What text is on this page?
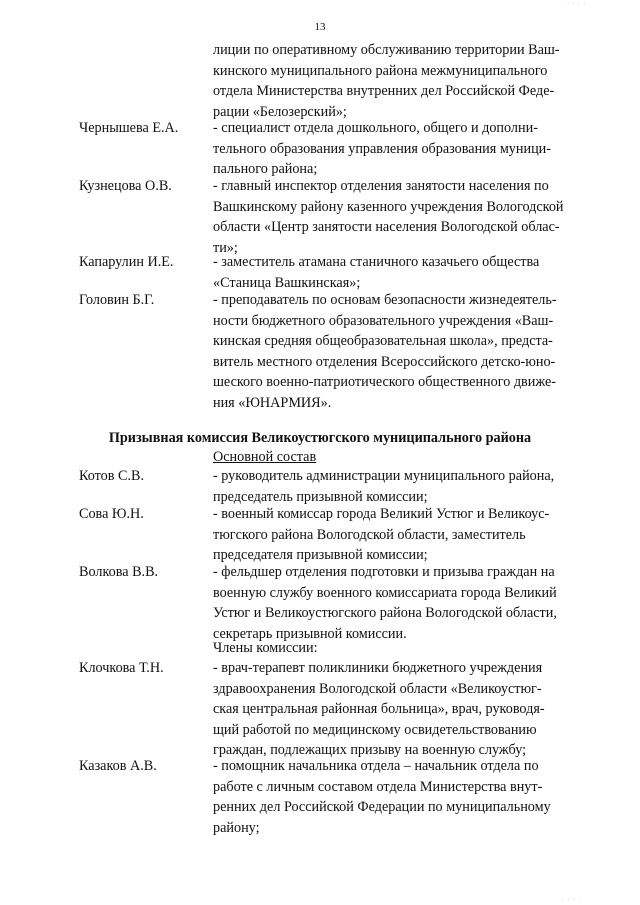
· · · ·
13

лиции по оперативному обслуживанию территории Ваш-

кинского муниципального района межмуниципального

отдела Министерства внутренних дел Российской Феде-

рации «Белозерский»;

Чернышева Е.А. - специалист отдела дошкольного, общего и дополни-

тельного образования управления образования муници-

пального района;

Кузнецова О.В.	- главный инспектор отделения занятости населения по

Вашкинскому району казенного учреждения Вологодской

области «Центр занятости населения Вологодской облас-

ти»;

Капарулин И.Е.	- заместитель атамана станичного казачьего общества

«Станица Вашкинская»;

Головин Б.Г.	- преподаватель по основам безопасности жизнедеятель-

ности бюджетного образовательного учреждения «Ваш-

кинская средняя общеобразовательная школа», предста-

витель местного отделения Всероссийского детско-юно-

шеского военно-патриотического общественного движе-

ния «ЮНАРМИЯ».

Призывная комиссия Великоустюгского муниципального района
Основной состав
Котов С.В.	- руководитель администрации муниципального района,

председатель призывной комиссии;

Сова Ю.Н.	- военный комиссар города Великий Устюг и Великоус-

тюгского района Вологодской области, заместитель

председателя призывной комиссии;

Волкова В.В.	- фельдшер отделения подготовки и призыва граждан на

военную службу военного комиссариата города Великий

Устюг и Великоустюгского района Вологодской области,

секретарь призывной комиссии.

Члены комиссии:
Клочкова Т.Н.	- врач-терапевт поликлиники бюджетного учреждения

здравоохранения Вологодской области «Великоустюг-

ская центральная районная больница», врач, руководя-

щий работой по медицинскому освидетельствованию

граждан, подлежащих призыву на военную службу;

Казаков А.В.	- помощник начальника отдела – начальник отдела по

работе с личным составом отдела Министерства внут-

ренних дел Российской Федерации по муниципальному

району;

· · · ·
